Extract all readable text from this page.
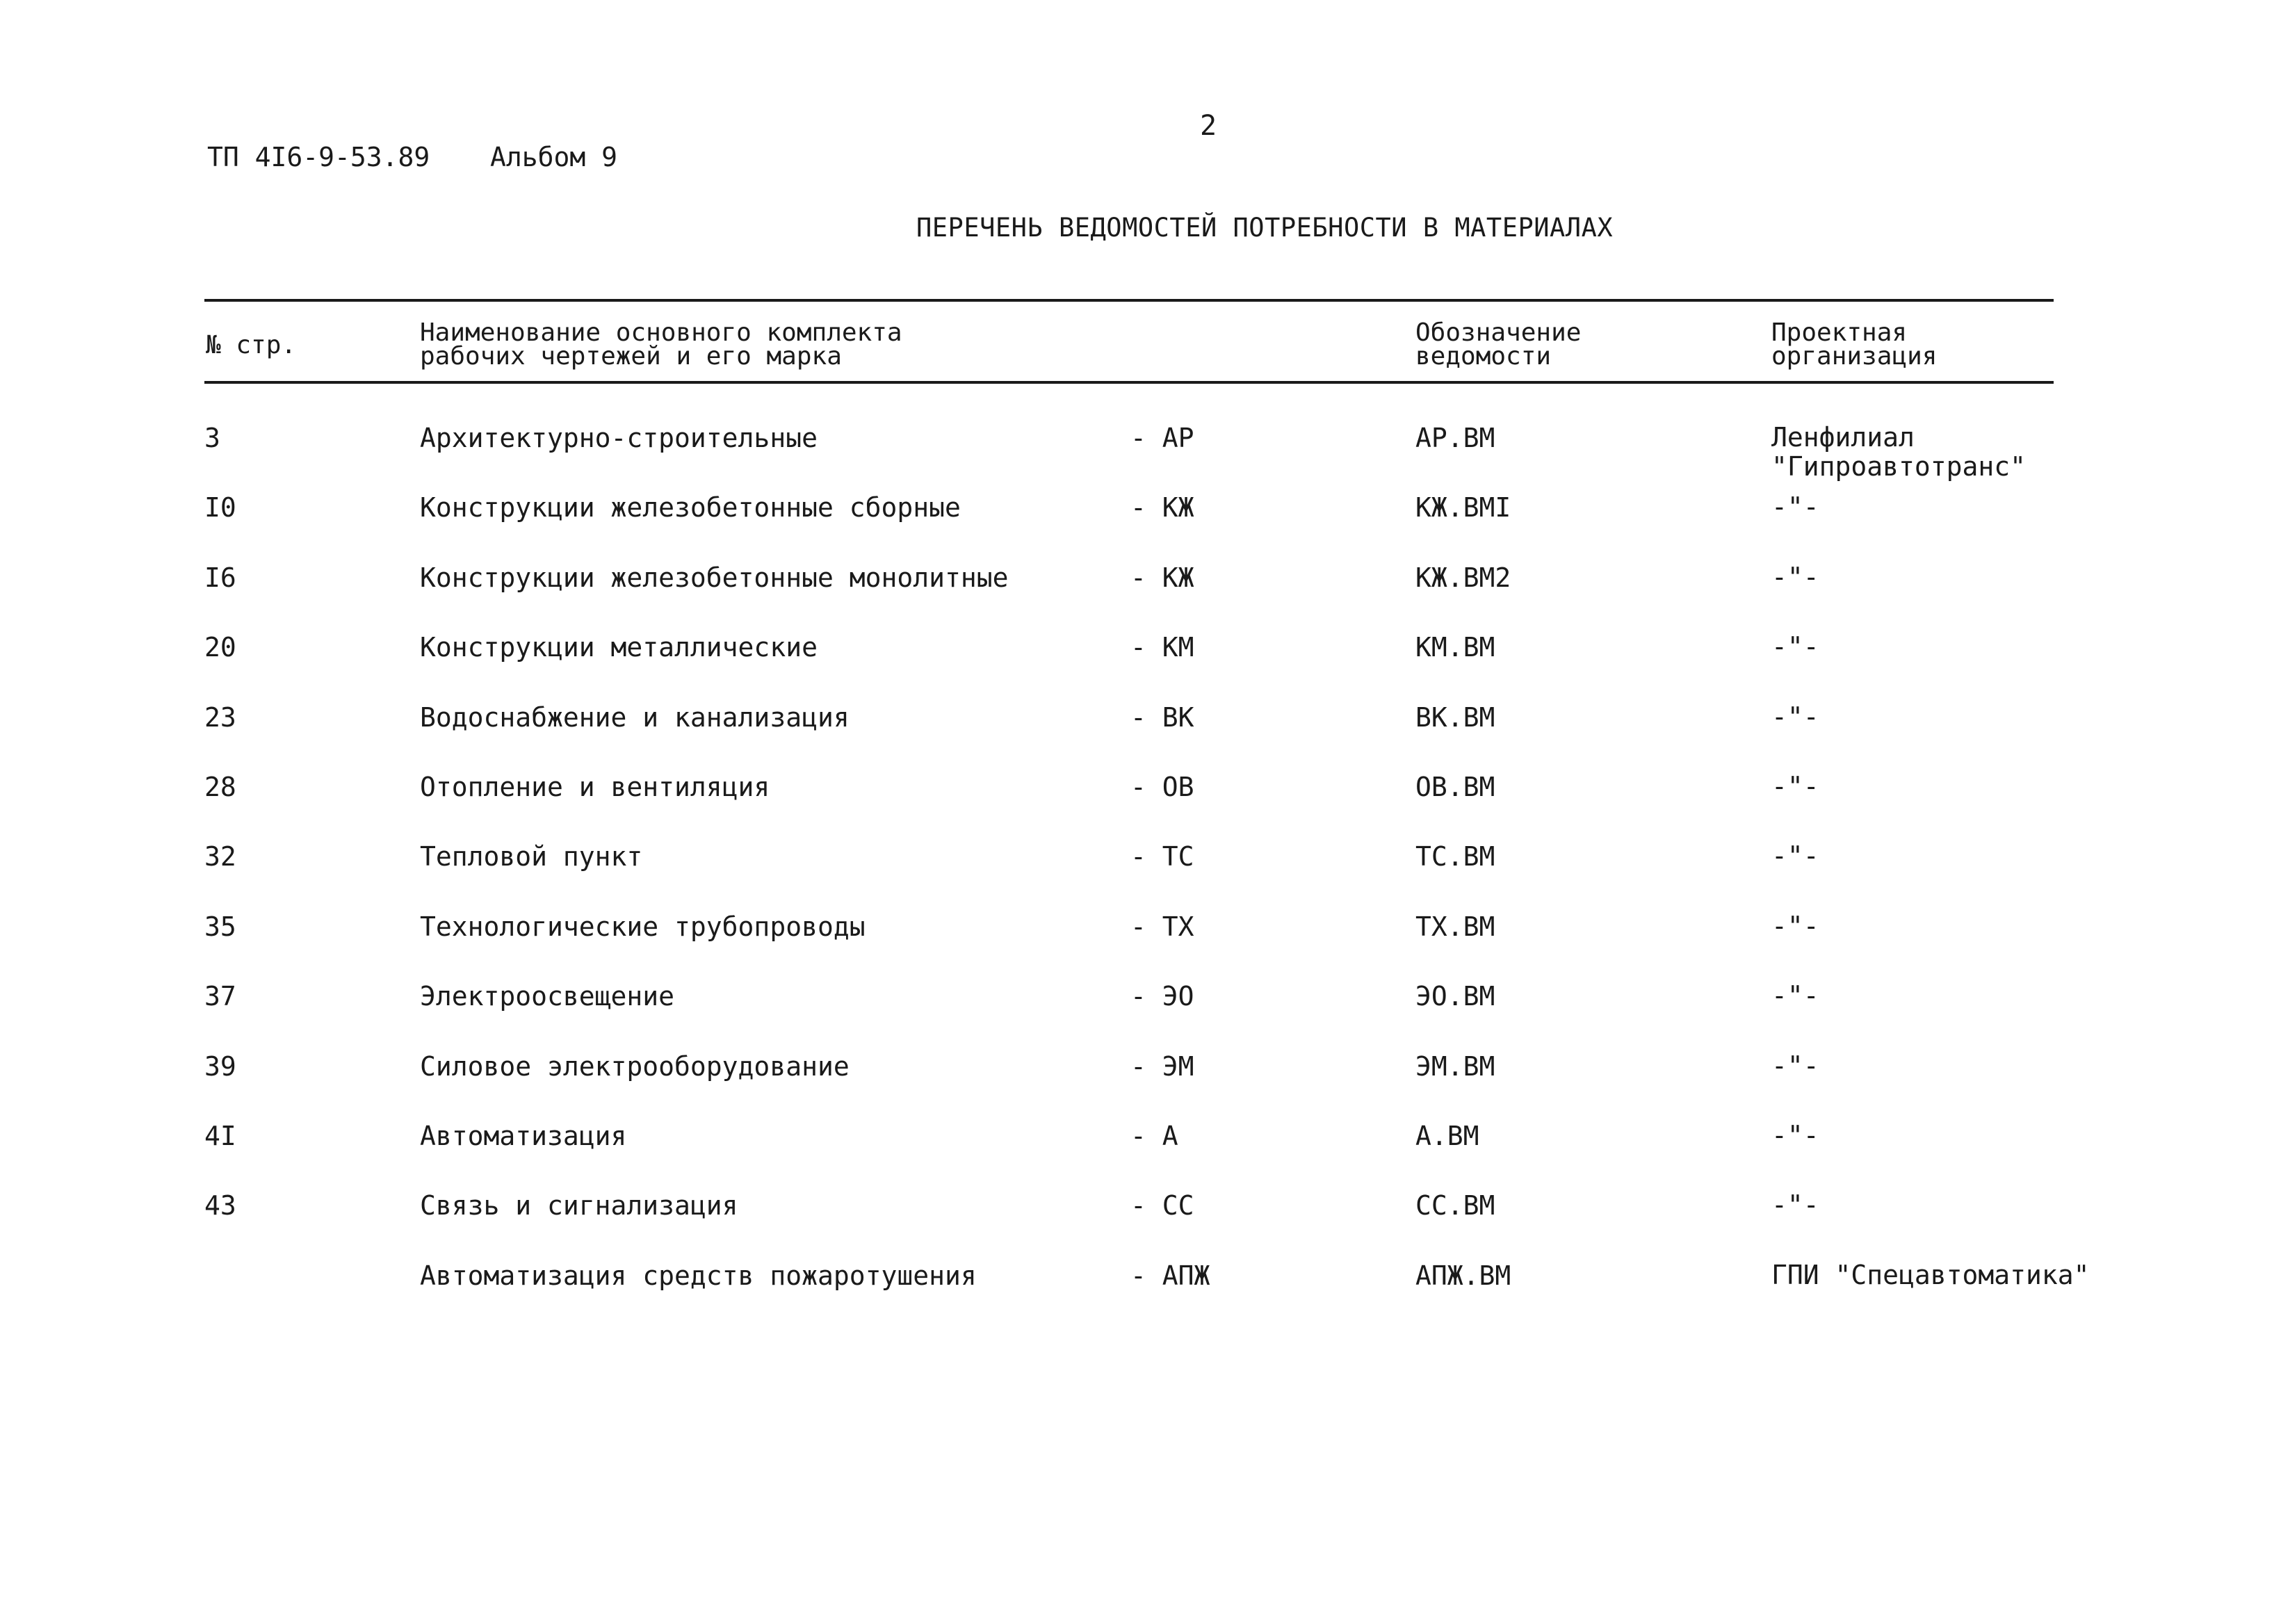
ТП 4I6-9-53.89 Альбом 9
2
ПЕРЕЧЕНЬ ВЕДОМОСТЕЙ ПОТРЕБНОСТИ В МАТЕРИАЛАХ
№ стр.	Наименование основного комплекта
рабочих чертежей и его марка
Обозначение
ведомости
Проектная
организация
3	Архитектурно-строительные	- АР	АР.ВМ	Ленфилиал
"Гипроавтотранс"
I0	Конструкции железобетонные сборные	- КЖ	КЖ.ВМI	-"-
I6	Конструкции железобетонные монолитные	- КЖ	КЖ.ВМ2	-"-
20	Конструкции металлические	- КМ	КМ.ВМ	-"-
23	Водоснабжение и канализация	- ВК	ВК.ВМ	-"-
28	Отопление и вентиляция	- ОВ	ОВ.ВМ	-"-
32	Тепловой пункт	- ТС	ТС.ВМ	-"-
35	Технологические трубопроводы	- ТХ	ТХ.ВМ	-"-
37	Электроосвещение	- ЭО	ЭО.ВМ	-"-
39	Силовое электрооборудование	- ЭМ	ЭМ.ВМ	-"-
4I	Автоматизация	- А	А.ВМ	-"-
43	Связь и сигнализация	- СС	СС.ВМ	-"-
Автоматизация средств пожаротушения	- АПЖ	АПЖ.ВМ	ГПИ "Спецавтоматика"
